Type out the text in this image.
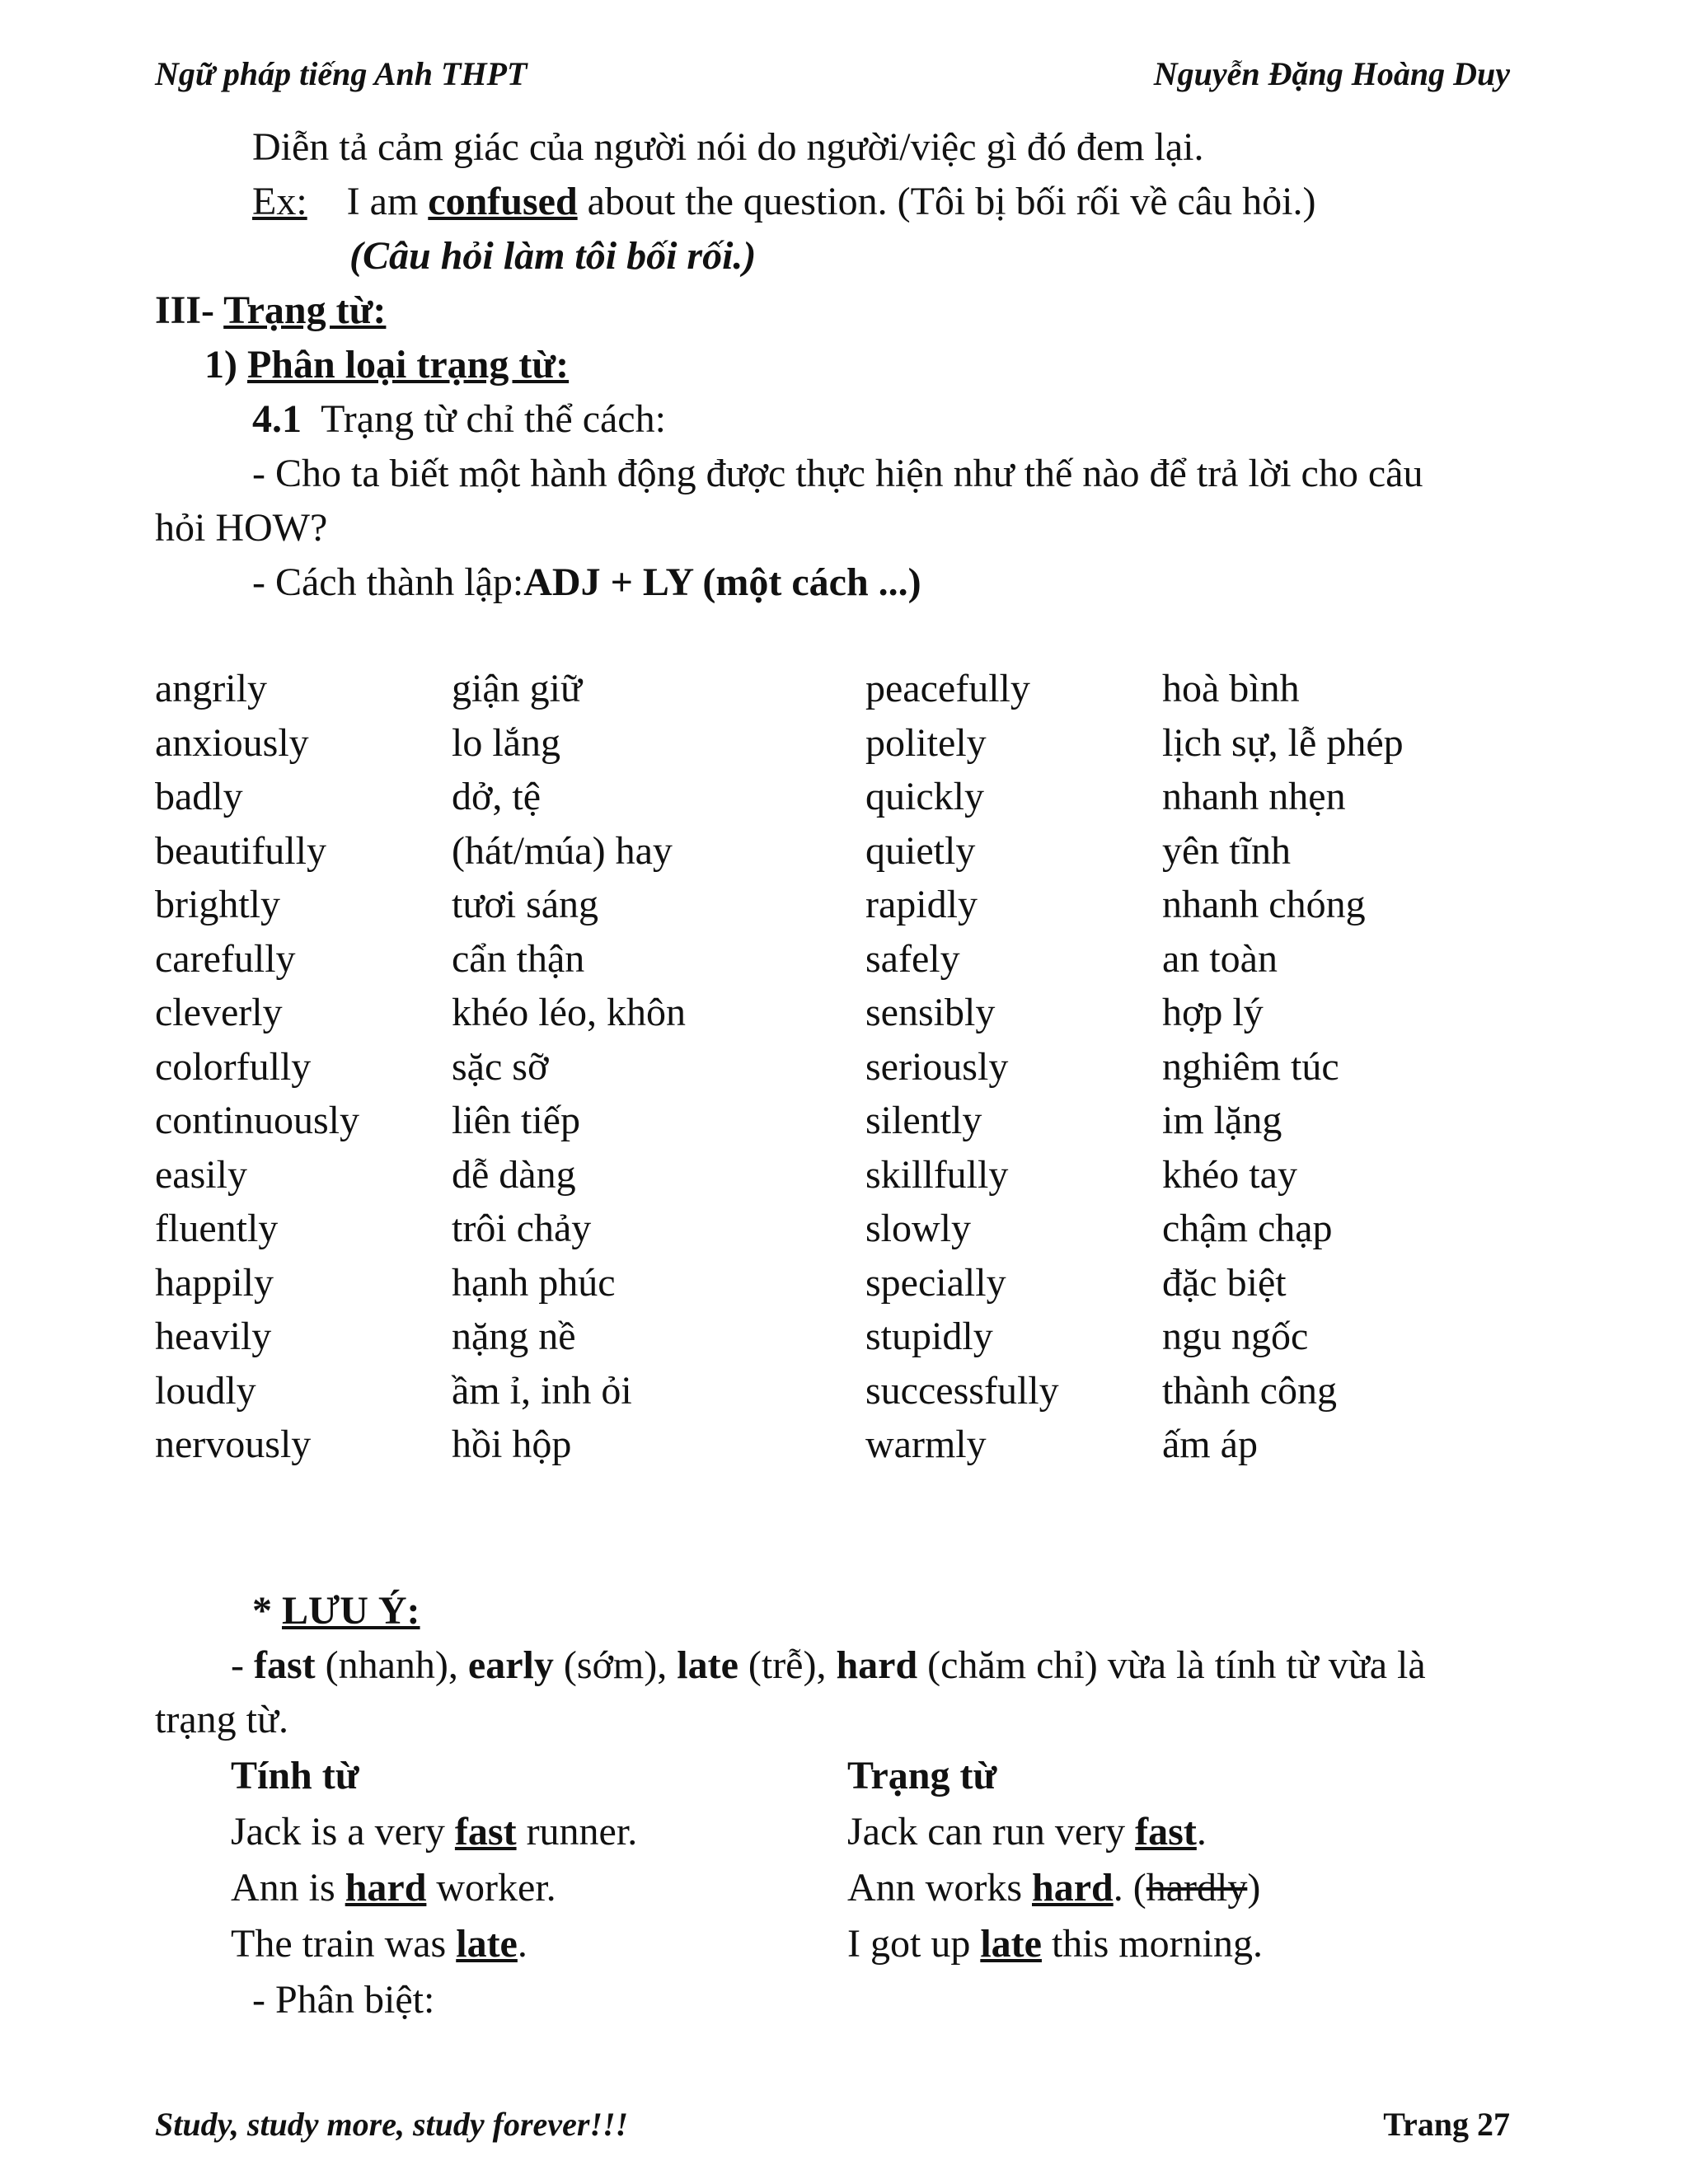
Ngữ pháp tiếng Anh THPT	Nguyễn Đặng Hoàng Duy
Diễn tả cảm giác của người nói do người/việc gì đó đem lại.
Ex: I am confused about the question. (Tôi bị bối rối về câu hỏi.)
(Câu hỏi làm tôi bối rối.)
III- Trạng từ:
1) Phân loại trạng từ:
4.1 Trạng từ chỉ thể cách:
- Cho ta biết một hành động được thực hiện như thế nào để trả lời cho câu
hỏi HOW?
- Cách thành lập:ADJ + LY (một cách ...)
angrily	giận giữ	peacefully	hoà bình
anxiously	lo lắng	politely	lịch sự, lễ phép
badly	dở, tệ	quickly	nhanh nhẹn
beautifully	(hát/múa) hay	quietly	yên tĩnh
brightly	tươi sáng	rapidly	nhanh chóng
carefully	cẩn thận	safely	an toàn
cleverly	khéo léo, khôn	sensibly	hợp lý
colorfully	sặc sỡ	seriously	nghiêm túc
continuously liên tiếp	silently	im lặng
easily	dễ dàng	skillfully	khéo tay
fluently	trôi chảy	slowly	chậm chạp
happily	hạnh phúc	specially	đặc biệt
heavily	nặng nề	stupidly	ngu ngốc
loudly	ầm ỉ, inh ỏi	successfully	thành công
nervously	hồi hộp	warmly	ấm áp
* LƯU Ý:
- fast (nhanh), early (sớm), late (trễ), hard (chăm chỉ) vừa là tính từ vừa là
trạng từ.
Tính từ	Trạng từ
Jack is a very fast runner.	Jack can run very fast.
Ann is hard worker.	Ann works hard. (hardly)
The train was late.	I got up late this morning.
- Phân biệt:
Study, study more, study forever!!!	Trang 27
